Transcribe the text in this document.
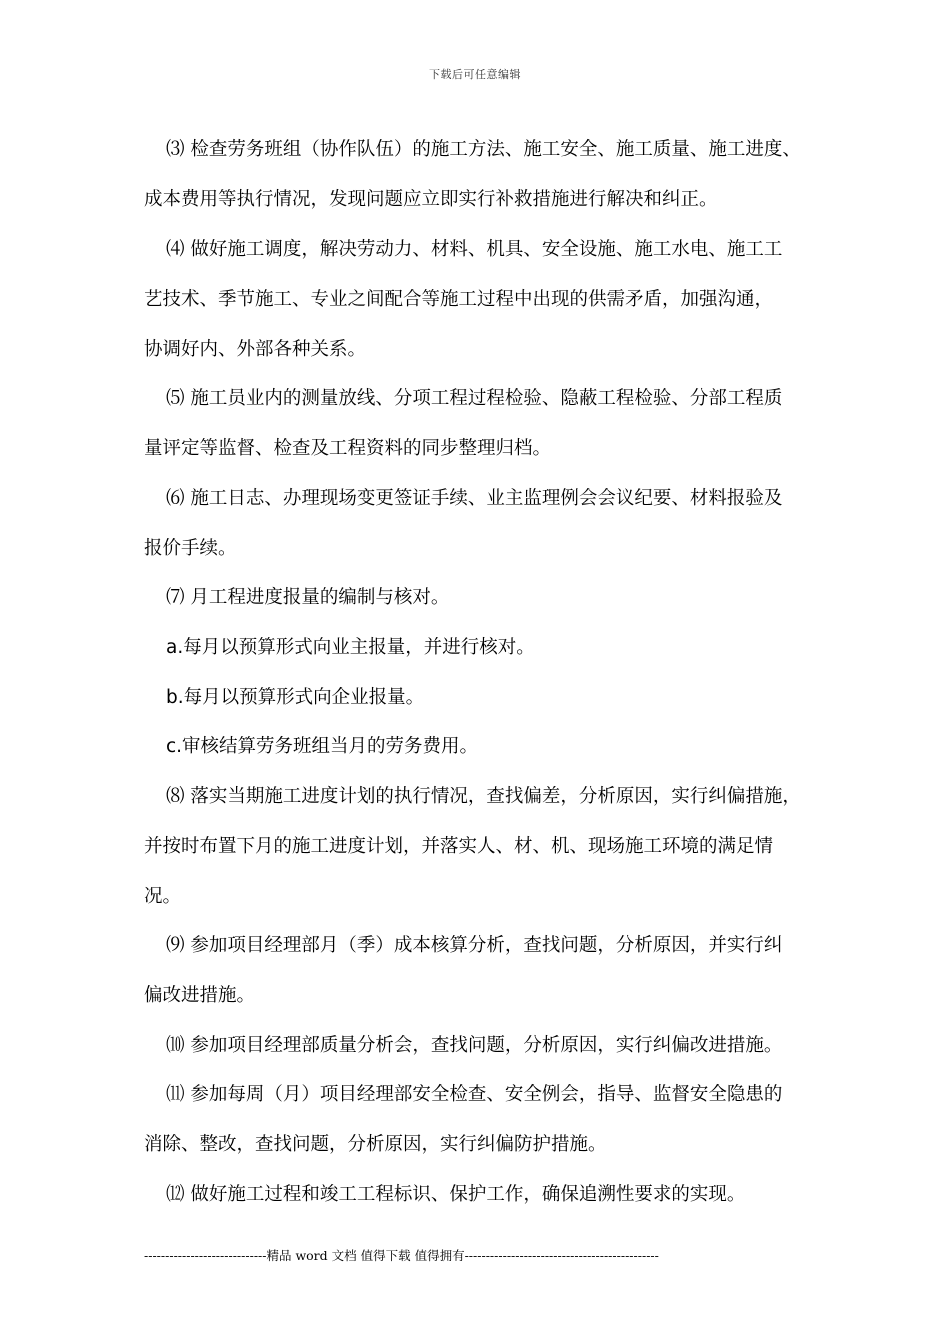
下载后可任意编辑
⑶ 检查劳务班组（协作队伍）的施工方法、施工安全、施工质量、施工进度、
成本费用等执行情况，发现问题应立即实行补救措施进行解决和纠正。
⑷ 做好施工调度，解决劳动力、材料、机具、安全设施、施工水电、施工工
艺技术、季节施工、专业之间配合等施工过程中出现的供需矛盾，加强沟通，
协调好内、外部各种关系。
⑸ 施工员业内的测量放线、分项工程过程检验、隐蔽工程检验、分部工程质
量评定等监督、检查及工程资料的同步整理归档。
⑹ 施工日志、办理现场变更签证手续、业主监理例会会议纪要、材料报验及
报价手续。
⑺ 月工程进度报量的编制与核对。
a.每月以预算形式向业主报量，并进行核对。
b.每月以预算形式向企业报量。
c.审核结算劳务班组当月的劳务费用。
⑻ 落实当期施工进度计划的执行情况，查找偏差，分析原因，实行纠偏措施，
并按时布置下月的施工进度计划，并落实人、材、机、现场施工环境的满足情
况。
⑼ 参加项目经理部月（季）成本核算分析，查找问题，分析原因，并实行纠
偏改进措施。
⑽ 参加项目经理部质量分析会，查找问题，分析原因，实行纠偏改进措施。
⑾ 参加每周（月）项目经理部安全检查、安全例会，指导、监督安全隐患的
消除、整改，查找问题，分析原因，实行纠偏防护措施。
⑿ 做好施工过程和竣工工程标识、保护工作，确保追溯性要求的实现。
-----------------------------精品 word 文档 值得下载 值得拥有----------------------------------------------
